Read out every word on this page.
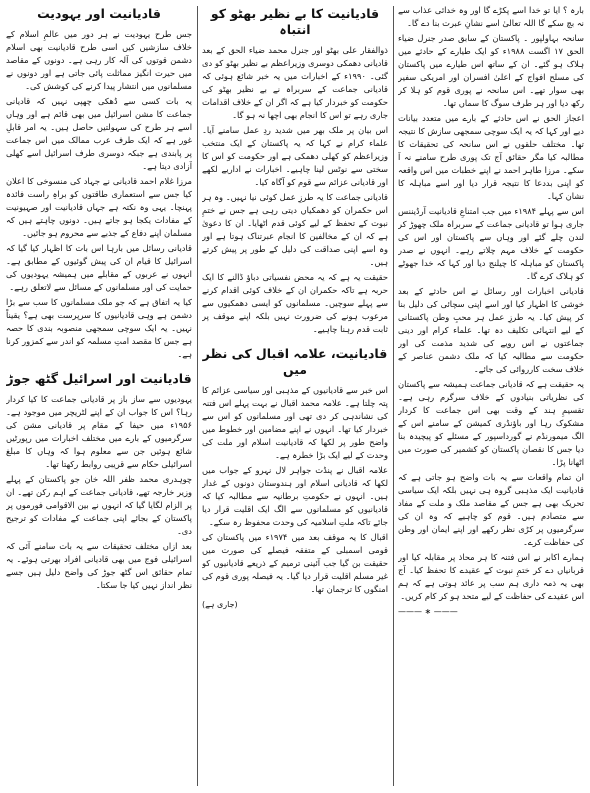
بارہ ؟ ایا تو خدا اسے پکڑے گا اور وہ خدائی عذاب سے نہ بچ سکے گا اللہ تعالیٰ اسے نشانِ عبرت بنا دے گا۔

سانحہ بہاولپور ۔ پاکستان کے سابق صدر جنرل ضیاء الحق ۱۷ اگست ۱۹۸۸ء کو ایک طیارے کے حادثے میں ہلاک ہو گئے۔ ان کے ساتھ اس طیارے میں پاکستان کی مسلح افواج کے اعلیٰ افسران اور امریکی سفیر بھی سوار تھے۔ اس سانحہ نے پوری قوم کو ہلا کر رکھ دیا اور ہر طرف سوگ کا سماں تھا۔

اعجاز الحق نے اس حادثے کے بارے میں متعدد بیانات دیے اور کہا کہ یہ ایک سوچی سمجھی سازش کا نتیجہ تھا۔ مختلف حلقوں نے اس سانحہ کی تحقیقات کا مطالبہ کیا مگر حقائق آج تک پوری طرح سامنے نہ آ سکے۔ مرزا طاہر احمد نے اپنے خطبات میں اس واقعہ کو اپنی بددعا کا نتیجہ قرار دیا اور اسے مباہلہ کا نشان کہا۔

اس سے پہلے ۱۹۸۴ء میں جب امتناعِ قادیانیت آرڈیننس جاری ہوا تو قادیانی جماعت کے سربراہ ملک چھوڑ کر لندن چلے گئے اور وہاں سے پاکستان اور اس کی حکومت کے خلاف مہم چلاتے رہے۔ انہوں نے صدر پاکستان کو مباہلہ کا چیلنج دیا اور کہا کہ خدا جھوٹے کو ہلاک کرے گا۔

قادیانی اخبارات اور رسائل نے اس حادثے کے بعد خوشی کا اظہار کیا اور اسے اپنی سچائی کی دلیل بنا کر پیش کیا۔ یہ طرزِ عمل ہر محبِ وطن پاکستانی کے لیے انتہائی تکلیف دہ تھا۔ علماء کرام اور دینی جماعتوں نے اس رویے کی شدید مذمت کی اور حکومت سے مطالبہ کیا کہ ملک دشمن عناصر کے خلاف سخت کارروائی کی جائے۔

یہ حقیقت ہے کہ قادیانی جماعت ہمیشہ سے پاکستان کی نظریاتی بنیادوں کے خلاف سرگرم رہی ہے۔ تقسیمِ ہند کے وقت بھی اس جماعت کا کردار مشکوک رہا اور باؤنڈری کمیشن کے سامنے اس کے الگ میمورنڈم نے گورداسپور کے مسئلے کو پیچیدہ بنا دیا جس کا نقصان پاکستان کو کشمیر کی صورت میں اٹھانا پڑا۔

ان تمام واقعات سے یہ بات واضح ہو جاتی ہے کہ قادیانیت ایک مذہبی گروہ ہی نہیں بلکہ ایک سیاسی تحریک بھی ہے جس کے مقاصد ملک و ملت کے مفاد سے متصادم ہیں۔ قوم کو چاہیے کہ وہ ان کی سرگرمیوں پر کڑی نظر رکھے اور اپنے ایمان اور وطن کی حفاظت کرے۔

ہمارے اکابر نے اس فتنہ کا ہر محاذ پر مقابلہ کیا اور قربانیاں دے کر ختمِ نبوت کے عقیدے کا تحفظ کیا۔ آج بھی یہ ذمہ داری ہم سب پر عائد ہوتی ہے کہ ہم اس عقیدے کی حفاظت کے لیے متحد ہو کر کام کریں۔

——— ∗ ———
قادیانیت کا بے نظیر بھٹو کو انتباہ

ذوالفقار علی بھٹو اور جنرل محمد ضیاء الحق کے بعد قادیانی دھمکی دوسری وزیراعظم بے نظیر بھٹو کو دی گئی۔ ۱۹۹۰ء کے اخبارات میں یہ خبر شائع ہوئی کہ قادیانی جماعت کے سربراہ نے بے نظیر بھٹو کی حکومت کو خبردار کیا ہے کہ اگر ان کے خلاف اقدامات جاری رہے تو اس کا انجام بھی اچھا نہ ہو گا۔

اس بیان پر ملک بھر میں شدید ردِ عمل سامنے آیا۔ علماء کرام نے کہا کہ یہ پاکستان کے ایک منتخب وزیراعظم کو کھلی دھمکی ہے اور حکومت کو اس کا سختی سے نوٹس لینا چاہیے۔ اخبارات نے اداریے لکھے اور قادیانی عزائم سے قوم کو آگاہ کیا۔

قادیانی جماعت کا یہ طرزِ عمل کوئی نیا نہیں۔ وہ ہر اس حکمران کو دھمکیاں دیتی رہی ہے جس نے ختمِ نبوت کے تحفظ کے لیے کوئی قدم اٹھایا۔ ان کا دعویٰ ہے کہ ان کے مخالفین کا انجام عبرتناک ہوتا ہے اور وہ اسے اپنی صداقت کی دلیل کے طور پر پیش کرتے ہیں۔

حقیقت یہ ہے کہ یہ محض نفسیاتی دباؤ ڈالنے کا ایک حربہ ہے تاکہ حکمران ان کے خلاف کوئی اقدام کرنے سے پہلے سوچیں۔ مسلمانوں کو ایسی دھمکیوں سے مرعوب ہونے کی ضرورت نہیں بلکہ اپنے موقف پر ثابت قدم رہنا چاہیے۔

قادیانیت، علامہ اقبال کی نظر میں

اس خبر سے قادیانیوں کے مذہبی اور سیاسی عزائم کا پتہ چلتا ہے۔ علامہ محمد اقبال نے بہت پہلے اس فتنہ کی نشاندہی کر دی تھی اور مسلمانوں کو اس سے خبردار کیا تھا۔ انہوں نے اپنے مضامین اور خطوط میں واضح طور پر لکھا کہ قادیانیت اسلام اور ملت کی وحدت کے لیے ایک بڑا خطرہ ہے۔

علامہ اقبال نے پنڈت جواہر لال نہرو کے جواب میں لکھا کہ قادیانی اسلام اور ہندوستان دونوں کے غدار ہیں۔ انہوں نے حکومتِ برطانیہ سے مطالبہ کیا کہ قادیانیوں کو مسلمانوں سے الگ ایک اقلیت قرار دیا جائے تاکہ ملتِ اسلامیہ کی وحدت محفوظ رہ سکے۔

اقبال کا یہ موقف بعد میں ۱۹۷۴ء میں پاکستان کی قومی اسمبلی کے متفقہ فیصلے کی صورت میں حقیقت بن گیا جب آئینی ترمیم کے ذریعے قادیانیوں کو غیر مسلم اقلیت قرار دیا گیا۔ یہ فیصلہ پوری قوم کی امنگوں کا ترجمان تھا۔

(جاری ہے)
قادیانیت اور یہودیت

جس طرح یہودیت نے ہر دور میں عالمِ اسلام کے خلاف سازشیں کیں اسی طرح قادیانیت بھی اسلام دشمن قوتوں کی آلہ کار رہی ہے۔ دونوں کے مقاصد میں حیرت انگیز مماثلت پائی جاتی ہے اور دونوں نے مسلمانوں میں انتشار پیدا کرنے کی کوشش کی۔

یہ بات کسی سے ڈھکی چھپی نہیں کہ قادیانی جماعت کا مشن اسرائیل میں بھی قائم ہے اور وہاں اسے ہر طرح کی سہولتیں حاصل ہیں۔ یہ امر قابلِ غور ہے کہ ایک طرف عرب ممالک میں اس جماعت پر پابندی ہے جبکہ دوسری طرف اسرائیل اسے کھلی آزادی دیتا ہے۔

مرزا غلام احمد قادیانی نے جہاد کی منسوخی کا اعلان کیا جس سے استعماری طاقتوں کو براہِ راست فائدہ پہنچا۔ یہی وہ نکتہ ہے جہاں قادیانیت اور صہیونیت کے مفادات یکجا ہو جاتے ہیں۔ دونوں چاہتے ہیں کہ مسلمان اپنے دفاع کے جذبے سے محروم ہو جائیں۔

قادیانی رسائل میں بارہا اس بات کا اظہار کیا گیا کہ اسرائیل کا قیام ان کی پیش گوئیوں کے مطابق ہے۔ انہوں نے عربوں کے مقابلے میں ہمیشہ یہودیوں کی حمایت کی اور مسلمانوں کے مسائل سے لاتعلق رہے۔

کیا یہ اتفاق ہے کہ جو ملک مسلمانوں کا سب سے بڑا دشمن ہے وہی قادیانیوں کا سرپرست بھی ہے؟ یقیناً نہیں۔ یہ ایک سوچی سمجھی منصوبہ بندی کا حصہ ہے جس کا مقصد امتِ مسلمہ کو اندر سے کمزور کرنا ہے۔

قادیانیت اور اسرائیل گٹھ جوڑ

یہودیوں سے ساز باز پر قادیانی جماعت کا کیا کردار رہا؟ اس کا جواب ان کے اپنے لٹریچر میں موجود ہے۔ ۱۹۵۶ء میں حیفا کے مقام پر قادیانی مشن کی سرگرمیوں کے بارے میں مختلف اخبارات میں رپورٹیں شائع ہوئیں جن سے معلوم ہوا کہ وہاں کا مبلغ اسرائیلی حکام سے قریبی روابط رکھتا تھا۔

چوہدری محمد ظفر اللہ خان جو پاکستان کے پہلے وزیر خارجہ تھے، قادیانی جماعت کے اہم رکن تھے۔ ان پر الزام لگایا گیا کہ انہوں نے بین الاقوامی فورموں پر پاکستان کے بجائے اپنی جماعت کے مفادات کو ترجیح دی۔

بعد ازاں مختلف تحقیقات سے یہ بات سامنے آئی کہ اسرائیلی فوج میں بھی قادیانی افراد بھرتی ہوئے۔ یہ تمام حقائق اس گٹھ جوڑ کی واضح دلیل ہیں جسے نظر انداز نہیں کیا جا سکتا۔
